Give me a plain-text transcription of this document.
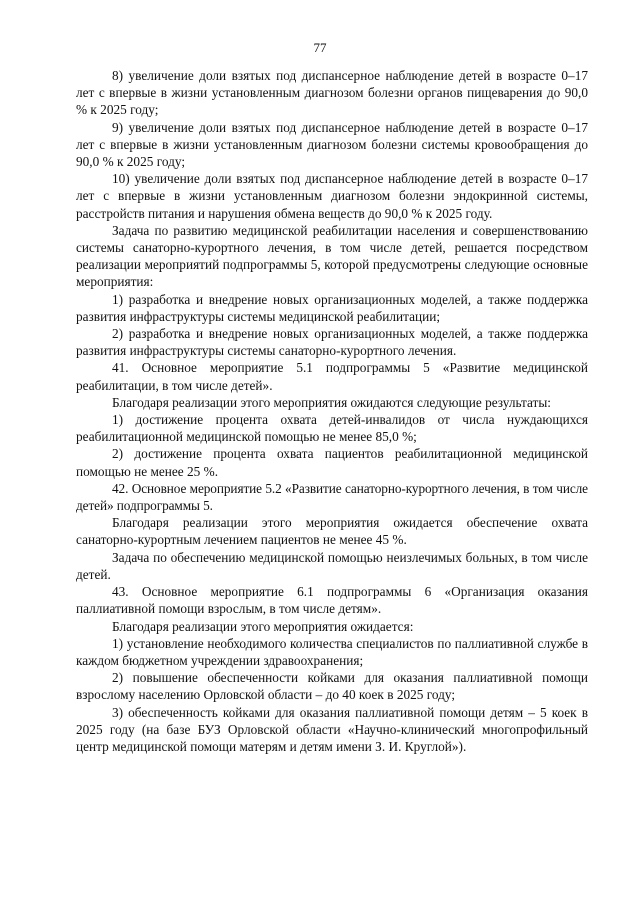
77

8) увеличение доли взятых под диспансерное наблюдение детей в возрасте 0–17 лет с впервые в жизни установленным диагнозом болезни органов пищеварения до 90,0 % к 2025 году;

9) увеличение доли взятых под диспансерное наблюдение детей в возрасте 0–17 лет с впервые в жизни установленным диагнозом болезни системы кровообращения до 90,0 % к 2025 году;

10) увеличение доли взятых под диспансерное наблюдение детей в возрасте 0–17 лет с впервые в жизни установленным диагнозом болезни эндокринной системы, расстройств питания и нарушения обмена веществ до 90,0 % к 2025 году.

Задача по развитию медицинской реабилитации населения и совершенствованию системы санаторно-курортного лечения, в том числе детей, решается посредством реализации мероприятий подпрограммы 5, которой предусмотрены следующие основные мероприятия:

1) разработка и внедрение новых организационных моделей, а также поддержка развития инфраструктуры системы медицинской реабилитации;

2) разработка и внедрение новых организационных моделей, а также поддержка развития инфраструктуры системы санаторно-курортного лечения.

41. Основное мероприятие 5.1 подпрограммы 5 «Развитие медицинской реабилитации, в том числе детей».

Благодаря реализации этого мероприятия ожидаются следующие результаты:

1) достижение процента охвата детей-инвалидов от числа нуждающихся реабилитационной медицинской помощью не менее 85,0 %;

2) достижение процента охвата пациентов реабилитационной медицинской помощью не менее 25 %.

42. Основное мероприятие 5.2 «Развитие санаторно-курортного лечения, в том числе детей» подпрограммы 5.

Благодаря реализации этого мероприятия ожидается обеспечение охвата санаторно-курортным лечением пациентов не менее 45 %.

Задача по обеспечению медицинской помощью неизлечимых больных, в том числе детей.

43. Основное мероприятие 6.1 подпрограммы 6 «Организация оказания паллиативной помощи взрослым, в том числе детям».

Благодаря реализации этого мероприятия ожидается:

1) установление необходимого количества специалистов по паллиативной службе в каждом бюджетном учреждении здравоохранения;

2) повышение обеспеченности койками для оказания паллиативной помощи взрослому населению Орловской области – до 40 коек в 2025 году;

3) обеспеченность койками для оказания паллиативной помощи детям – 5 коек в 2025 году (на базе БУЗ Орловской области «Научно-клинический многопрофильный центр медицинской помощи матерям и детям имени З. И. Круглой»).
